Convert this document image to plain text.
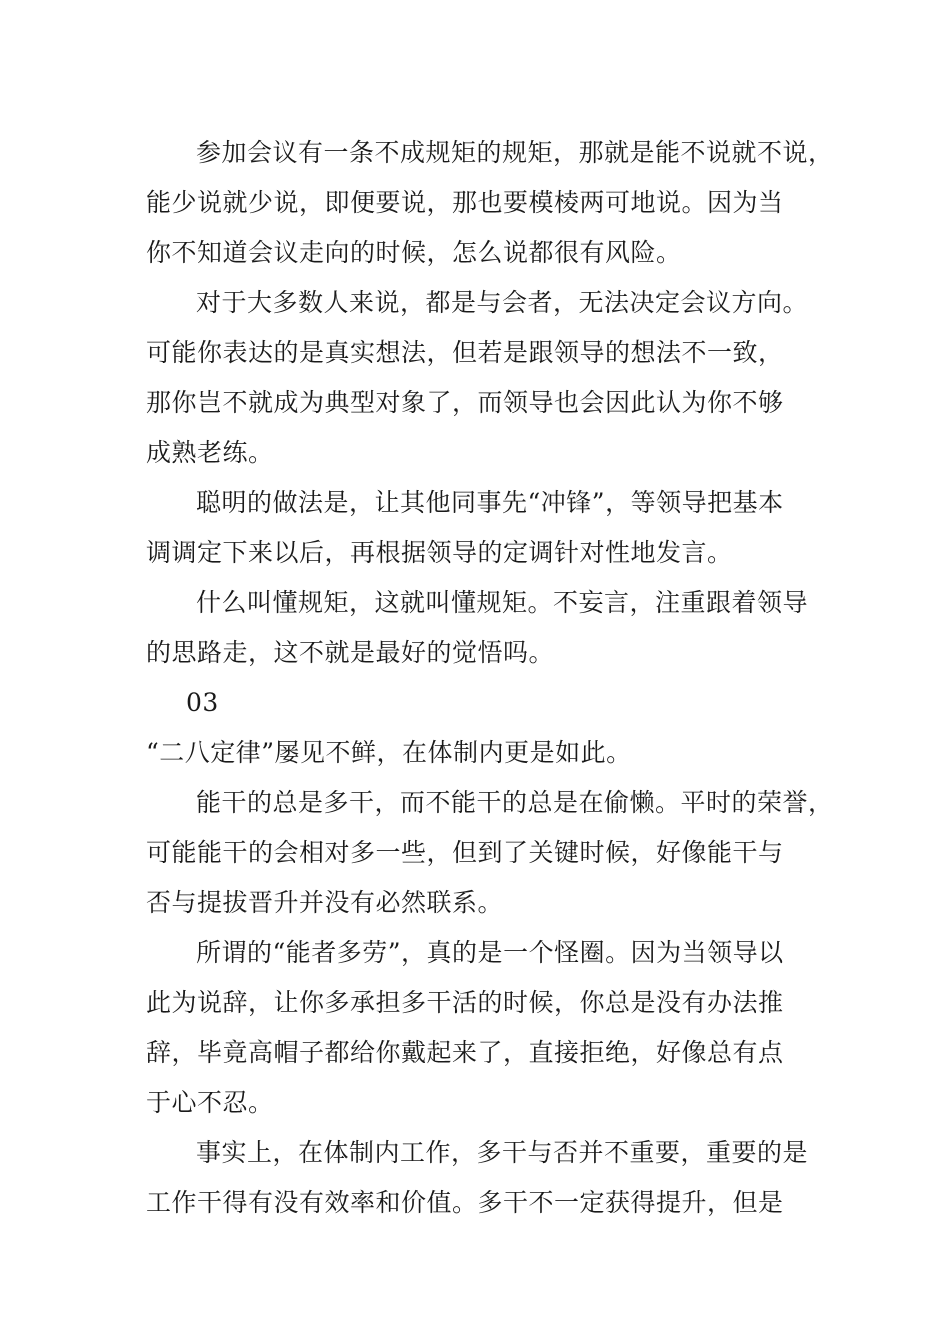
参加会议有一条不成规矩的规矩，那就是能不说就不说，
能少说就少说，即便要说，那也要模棱两可地说。因为当
你不知道会议走向的时候，怎么说都很有风险。

对于大多数人来说，都是与会者，无法决定会议方向。
可能你表达的是真实想法，但若是跟领导的想法不一致，
那你岂不就成为典型对象了，而领导也会因此认为你不够
成熟老练。

聪明的做法是，让其他同事先“冲锋”，等领导把基本
调调定下来以后，再根据领导的定调针对性地发言。

什么叫懂规矩，这就叫懂规矩。不妄言，注重跟着领导
的思路走，这不就是最好的觉悟吗。

03

“二八定律”屡见不鲜，在体制内更是如此。

能干的总是多干，而不能干的总是在偷懒。平时的荣誉，
可能能干的会相对多一些，但到了关键时候，好像能干与
否与提拔晋升并没有必然联系。

所谓的“能者多劳”，真的是一个怪圈。因为当领导以
此为说辞，让你多承担多干活的时候，你总是没有办法推
辞，毕竟高帽子都给你戴起来了，直接拒绝，好像总有点
于心不忍。

事实上，在体制内工作，多干与否并不重要，重要的是
工作干得有没有效率和价值。多干不一定获得提升，但是
